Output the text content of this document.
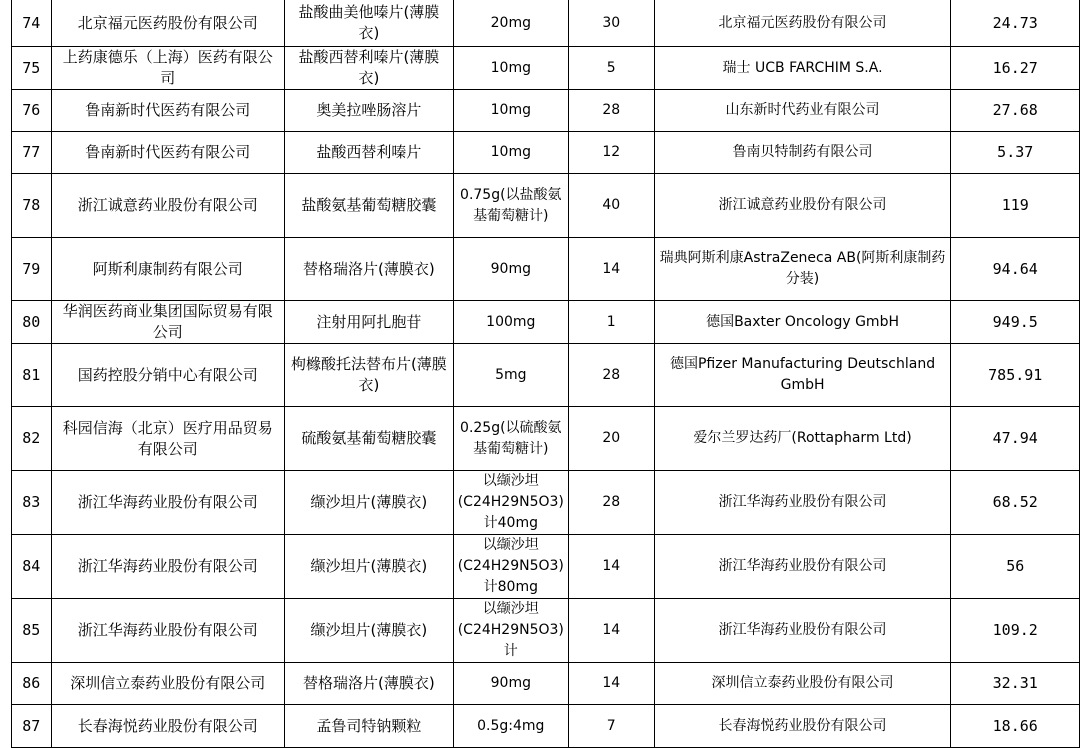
74	北京福元医药股份有限公司	盐酸曲美他嗪片(薄膜衣)	20mg	30	北京福元医药股份有限公司	24.73
75	上药康德乐（上海）医药有限公司	盐酸西替利嗪片(薄膜衣)	10mg	5	瑞士 UCB FARCHIM S.A.	16.27
76	鲁南新时代医药有限公司	奥美拉唑肠溶片	10mg	28	山东新时代药业有限公司	27.68
77	鲁南新时代医药有限公司	盐酸西替利嗪片	10mg	12	鲁南贝特制药有限公司	5.37
78	浙江诚意药业股份有限公司	盐酸氨基葡萄糖胶囊	0.75g(以盐酸氨基葡萄糖计)	40	浙江诚意药业股份有限公司	119
79	阿斯利康制药有限公司	替格瑞洛片(薄膜衣)	90mg	14	瑞典阿斯利康AstraZeneca AB(阿斯利康制药分装)	94.64
80	华润医药商业集团国际贸易有限公司	注射用阿扎胞苷	100mg	1	德国Baxter Oncology GmbH	949.5
81	国药控股分销中心有限公司	枸橼酸托法替布片(薄膜衣)	5mg	28	德国Pfizer Manufacturing Deutschland GmbH	785.91
82	科园信海（北京）医疗用品贸易有限公司	硫酸氨基葡萄糖胶囊	0.25g(以硫酸氨基葡萄糖计)	20	爱尔兰罗达药厂(Rottapharm Ltd)	47.94
83	浙江华海药业股份有限公司	缬沙坦片(薄膜衣)	以缬沙坦(C24H29N5O3)计40mg	28	浙江华海药业股份有限公司	68.52
84	浙江华海药业股份有限公司	缬沙坦片(薄膜衣)	以缬沙坦(C24H29N5O3)计80mg	14	浙江华海药业股份有限公司	56
85	浙江华海药业股份有限公司	缬沙坦片(薄膜衣)	以缬沙坦(C24H29N5O3)计	14	浙江华海药业股份有限公司	109.2
86	深圳信立泰药业股份有限公司	替格瑞洛片(薄膜衣)	90mg	14	深圳信立泰药业股份有限公司	32.31
87	长春海悦药业股份有限公司	孟鲁司特钠颗粒	0.5g:4mg	7	长春海悦药业股份有限公司	18.66
